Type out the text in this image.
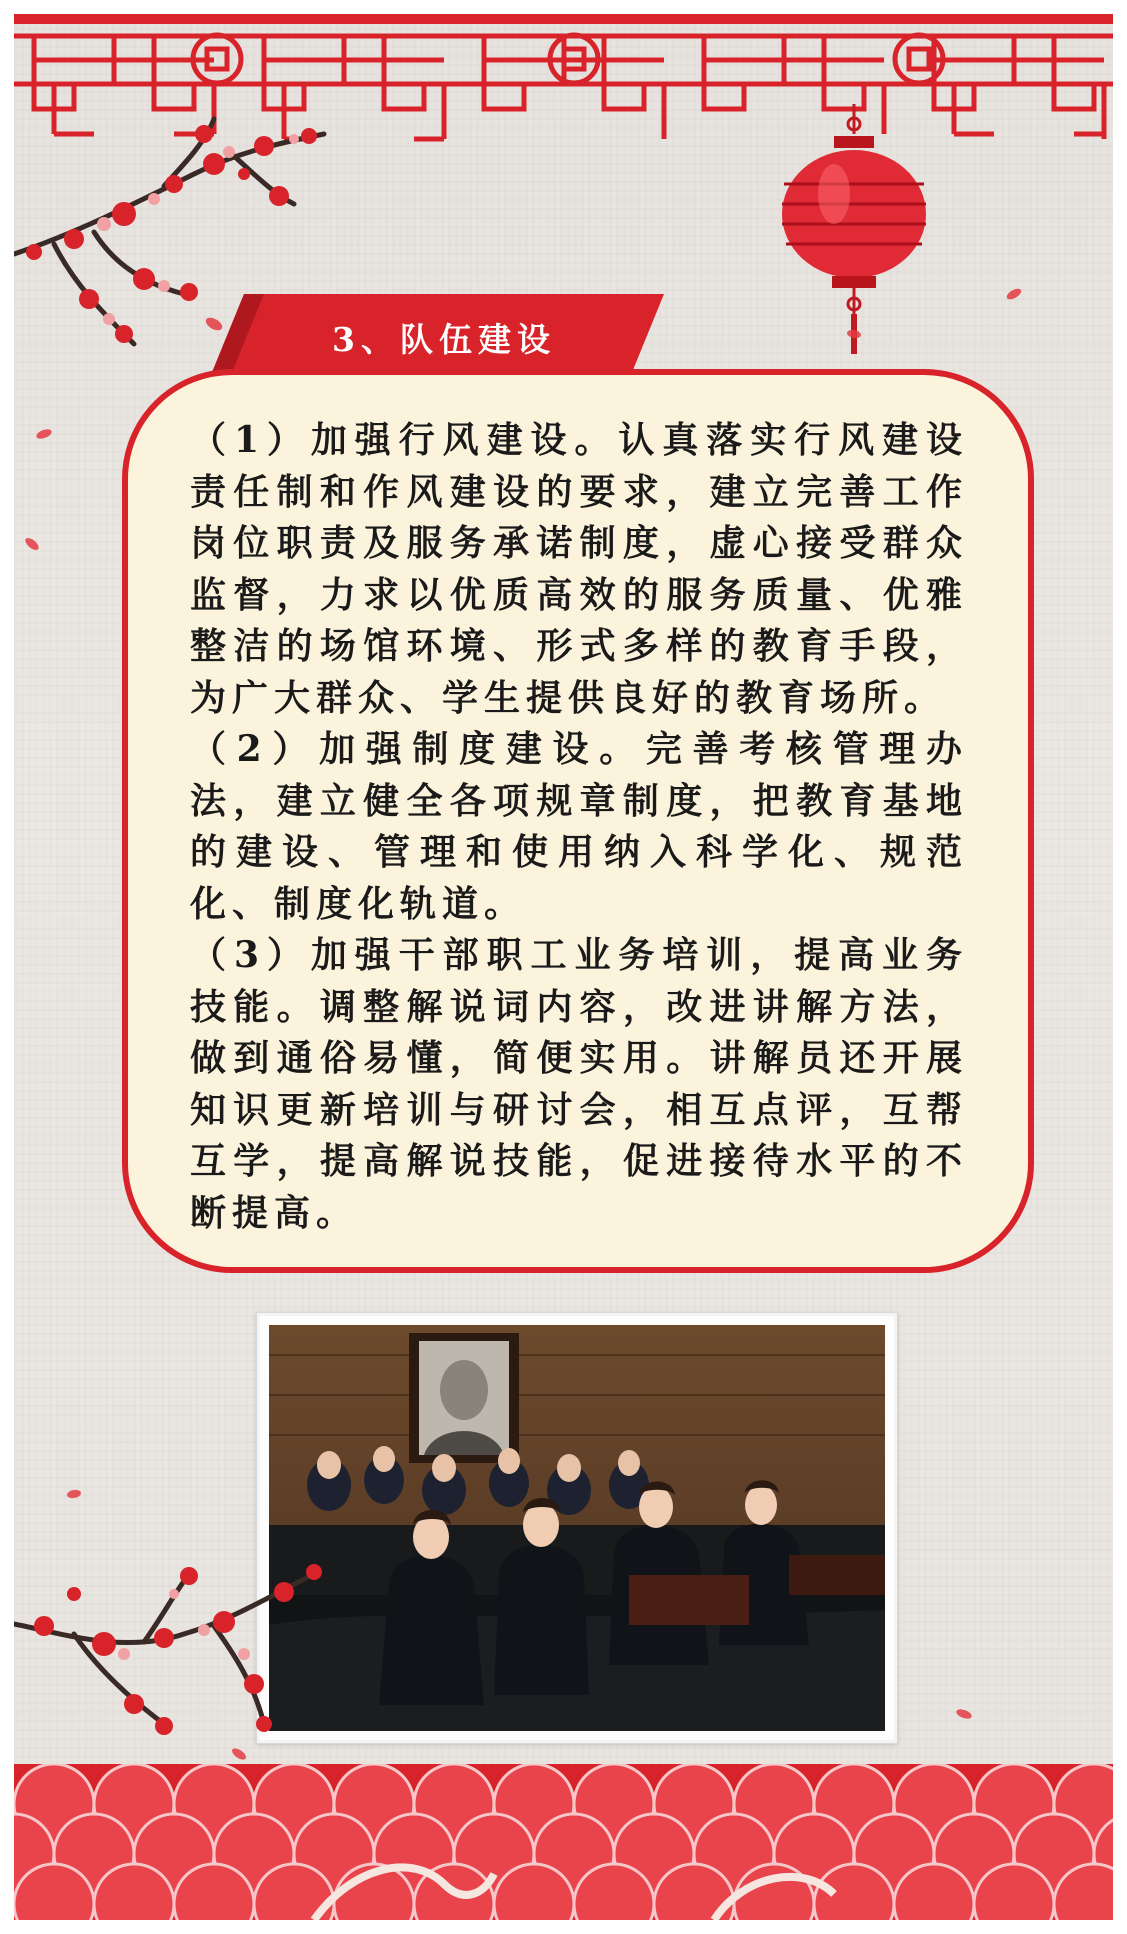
3、队伍建设

（1）加强行风建设。认真落实行风建设责任制和作风建设的要求，建立完善工作岗位职责及服务承诺制度，虚心接受群众监督，力求以优质高效的服务质量、优雅整洁的场馆环境、形式多样的教育手段，为广大群众、学生提供良好的教育场所。

（2）加强制度建设。完善考核管理办法，建立健全各项规章制度，把教育基地的建设、管理和使用纳入科学化、规范化、制度化轨道。

（3）加强干部职工业务培训，提高业务技能。调整解说词内容，改进讲解方法，做到通俗易懂，简便实用。讲解员还开展知识更新培训与研讨会，相互点评，互帮互学，提高解说技能，促进接待水平的不断提高。
